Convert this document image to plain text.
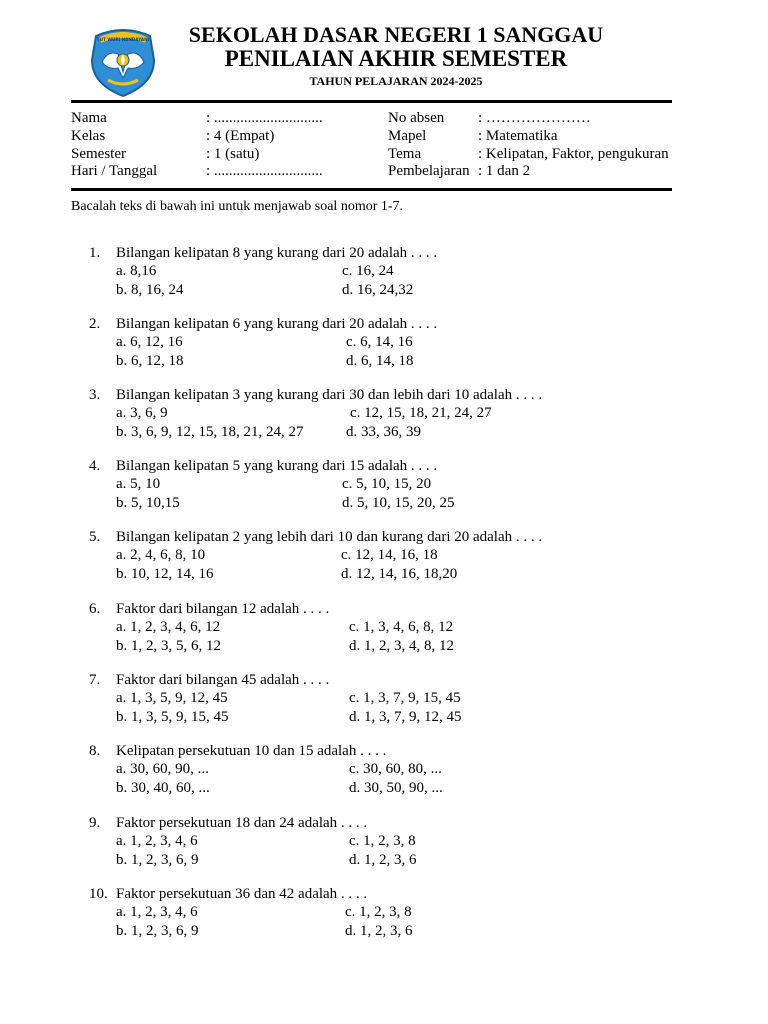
TUT WURI HANDAYANI	SEKOLAH DASAR NEGERI 1 SANGGAU
PENILAIAN AKHIR SEMESTER
TAHUN PELAJARAN 2024-2025
Nama	: .............................
Kelas	: 4 (Empat)
Semester	: 1 (satu)
Hari / Tanggal	: .............................
No absen : …………………
Mapel	: Matematika
Tema	: Kelipatan, Faktor, pengukuran
Pembelajaran : 1 dan 2
Bacalah teks di bawah ini untuk menjawab soal nomor 1-7.
1. Bilangan kelipatan 8 yang kurang dari 20 adalah . . . .
a. 8,16	c. 16, 24
b. 8, 16, 24	d. 16, 24,32
2. Bilangan kelipatan 6 yang kurang dari 20 adalah . . . .
a. 6, 12, 16	c. 6, 14, 16
b. 6, 12, 18	d. 6, 14, 18
3. Bilangan kelipatan 3 yang kurang dari 30 dan lebih dari 10 adalah . . . .
a. 3, 6, 9	c. 12, 15, 18, 21, 24, 27
b. 3, 6, 9, 12, 15, 18, 21, 24, 27	d. 33, 36, 39
4. Bilangan kelipatan 5 yang kurang dari 15 adalah . . . .
a. 5, 10	c. 5, 10, 15, 20
b. 5, 10,15	d. 5, 10, 15, 20, 25
5. Bilangan kelipatan 2 yang lebih dari 10 dan kurang dari 20 adalah . . . .
a. 2, 4, 6, 8, 10	c. 12, 14, 16, 18
b. 10, 12, 14, 16	d. 12, 14, 16, 18,20
6. Faktor dari bilangan 12 adalah . . . .
a. 1, 2, 3, 4, 6, 12	c. 1, 3, 4, 6, 8, 12
b. 1, 2, 3, 5, 6, 12	d. 1, 2, 3, 4, 8, 12
7. Faktor dari bilangan 45 adalah . . . .
a. 1, 3, 5, 9, 12, 45	c. 1, 3, 7, 9, 15, 45
b. 1, 3, 5, 9, 15, 45	d. 1, 3, 7, 9, 12, 45
8. Kelipatan persekutuan 10 dan 15 adalah . . . .
a. 30, 60, 90, ...	c. 30, 60, 80, ...
b. 30, 40, 60, ...	d. 30, 50, 90, ...
9. Faktor persekutuan 18 dan 24 adalah . . . .
a. 1, 2, 3, 4, 6	c. 1, 2, 3, 8
b. 1, 2, 3, 6, 9	d. 1, 2, 3, 6
10. Faktor persekutuan 36 dan 42 adalah . . . .
a. 1, 2, 3, 4, 6	c. 1, 2, 3, 8
b. 1, 2, 3, 6, 9	d. 1, 2, 3, 6
